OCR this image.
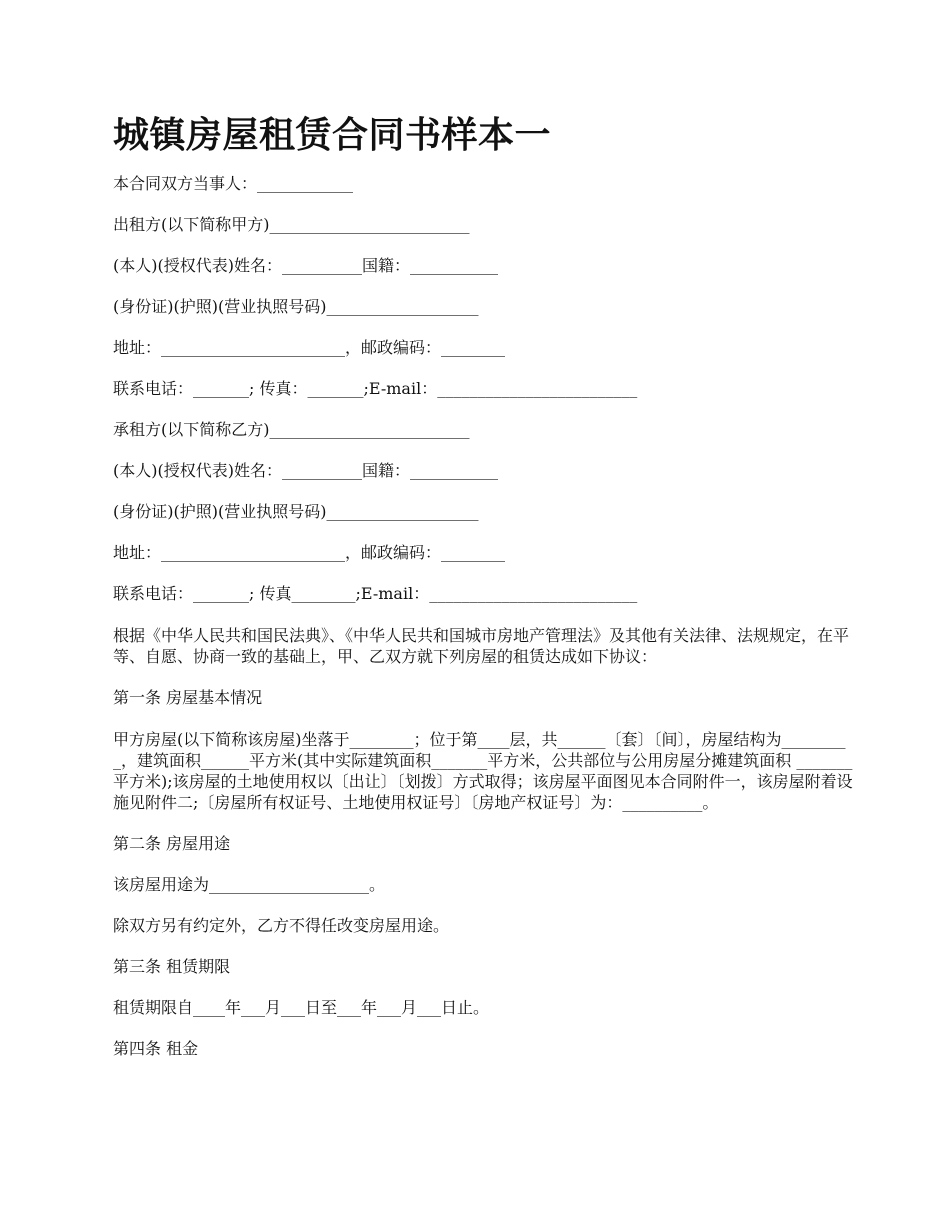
城镇房屋租赁合同书样本一

本合同双方当事人：____________

出租方(以下简称甲方)_________________________

(本人)(授权代表)姓名：__________国籍：___________

(身份证)(护照)(营业执照号码)___________________

地址：_______________________，邮政编码：________

联系电话：_______; 传真：_______;E-mail：_________________________

承租方(以下简称乙方)_________________________

(本人)(授权代表)姓名：__________国籍：___________

(身份证)(护照)(营业执照号码)___________________

地址：_______________________，邮政编码：________

联系电话：_______; 传真________;E-mail：__________________________

根据《中华人民共和国民法典》、《中华人民共和国城市房地产管理法》及其他有关法律、法规规定，在平等、自愿、协商一致的基础上，甲、乙双方就下列房屋的租赁达成如下协议：

第一条 房屋基本情况

甲方房屋(以下简称该房屋)坐落于________；位于第____层，共______〔套〕〔间〕，房屋结构为_________，建筑面积______平方米(其中实际建筑面积_______平方米，公共部位与公用房屋分摊建筑面积 _______平方米);该房屋的土地使用权以〔出让〕〔划拨〕方式取得；该房屋平面图见本合同附件一，该房屋附着设施见附件二;〔房屋所有权证号、土地使用权证号〕〔房地产权证号〕为：__________。

第二条 房屋用途

该房屋用途为____________________。

除双方另有约定外，乙方不得任改变房屋用途。

第三条 租赁期限

租赁期限自____年___月___日至___年___月___日止。

第四条 租金
